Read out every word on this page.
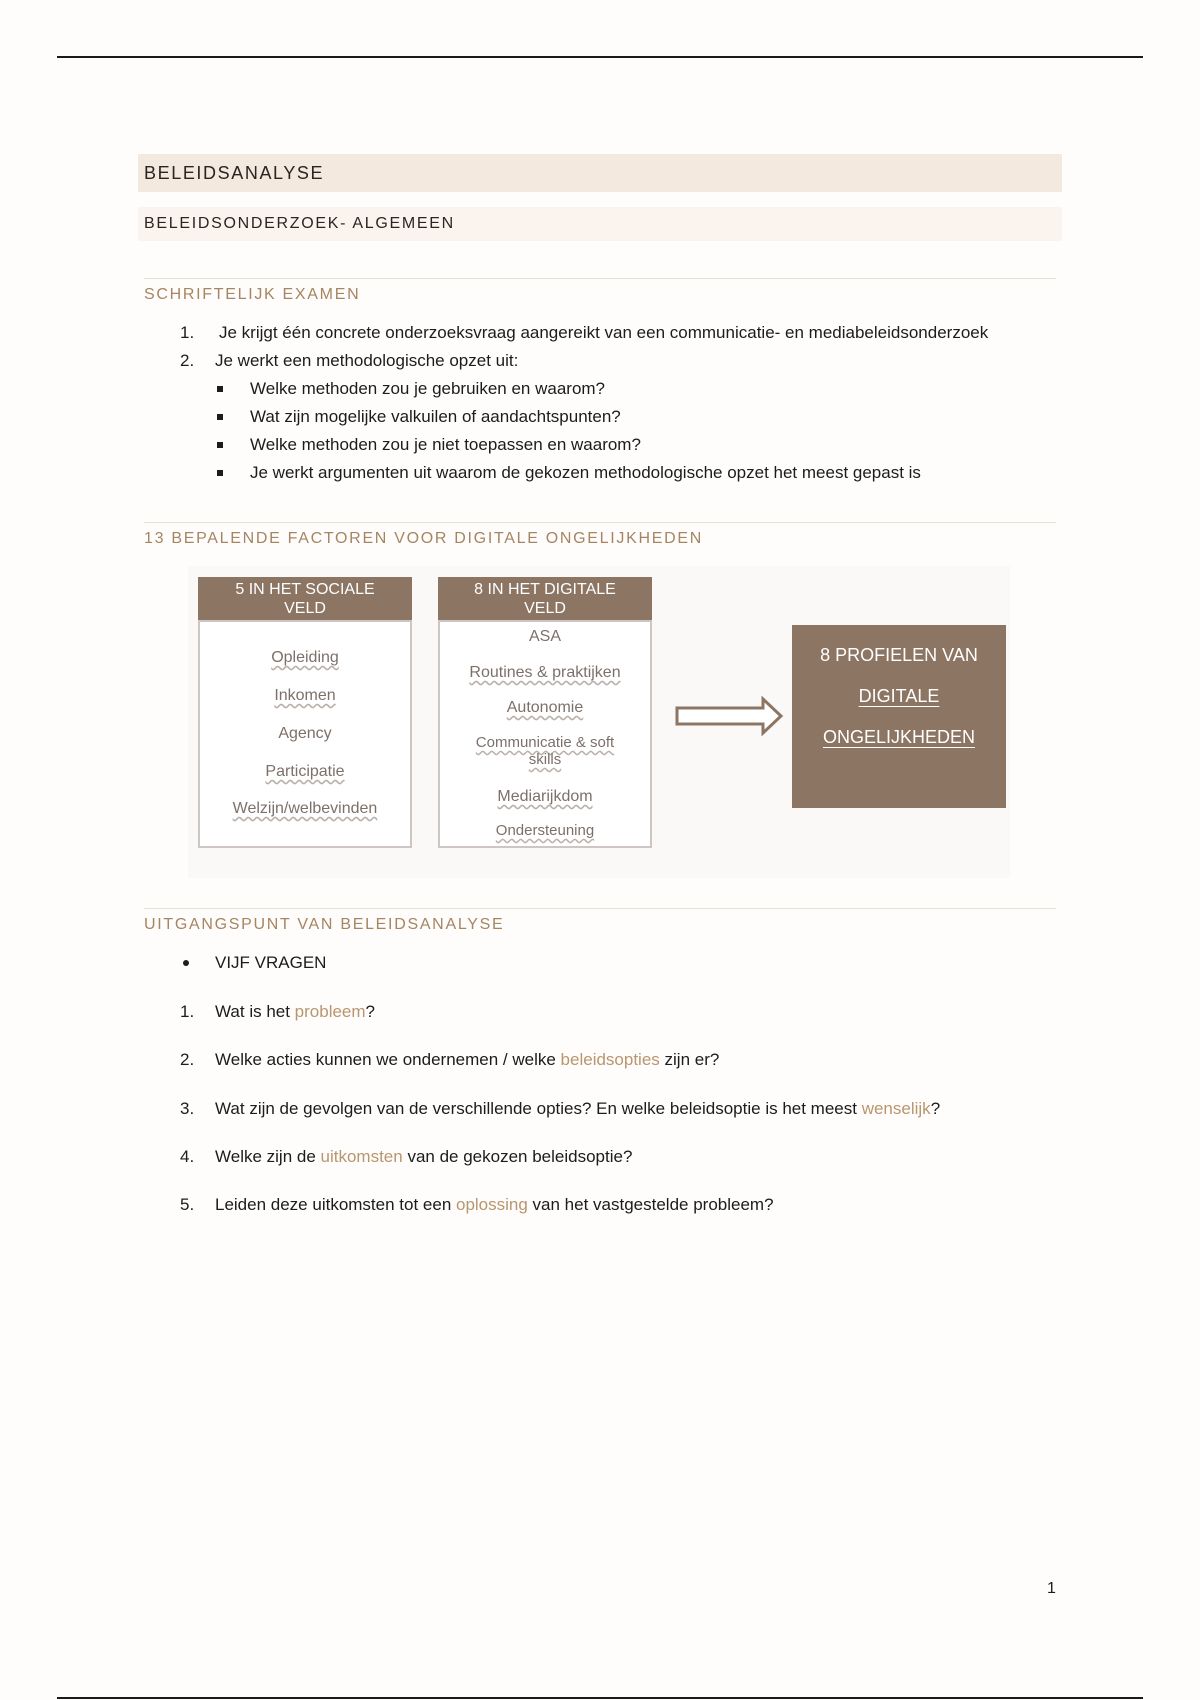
BELEIDSANALYSE
BELEIDSONDERZOEK- ALGEMEEN
SCHRIFTELIJK EXAMEN
1. Je krijgt één concrete onderzoeksvraag aangereikt van een communicatie- en mediabeleidsonderzoek
2. Je werkt een methodologische opzet uit:
Welke methoden zou je gebruiken en waarom?
Wat zijn mogelijke valkuilen of aandachtspunten?
Welke methoden zou je niet toepassen en waarom?
Je werkt argumenten uit waarom de gekozen methodologische opzet het meest gepast is
13 BEPALENDE FACTOREN VOOR DIGITALE ONGELIJKHEDEN
5 IN HET SOCIALE
VELD
Opleiding
Inkomen
Agency
Participatie
Welzijn/welbevinden
8 IN HET DIGITALE
VELD
ASA
Routines & praktijken
Autonomie
Communicatie & soft
skills
Mediarijkdom
Ondersteuning
8 PROFIELEN VAN
DIGITALE
ONGELIJKHEDEN
UITGANGSPUNT VAN BELEIDSANALYSE
VIJF VRAGEN
1. Wat is het probleem?
2. Welke acties kunnen we ondernemen / welke beleidsopties zijn er?
3. Wat zijn de gevolgen van de verschillende opties? En welke beleidsoptie is het meest wenselijk?
4. Welke zijn de uitkomsten van de gekozen beleidsoptie?
5. Leiden deze uitkomsten tot een oplossing van het vastgestelde probleem?
1
